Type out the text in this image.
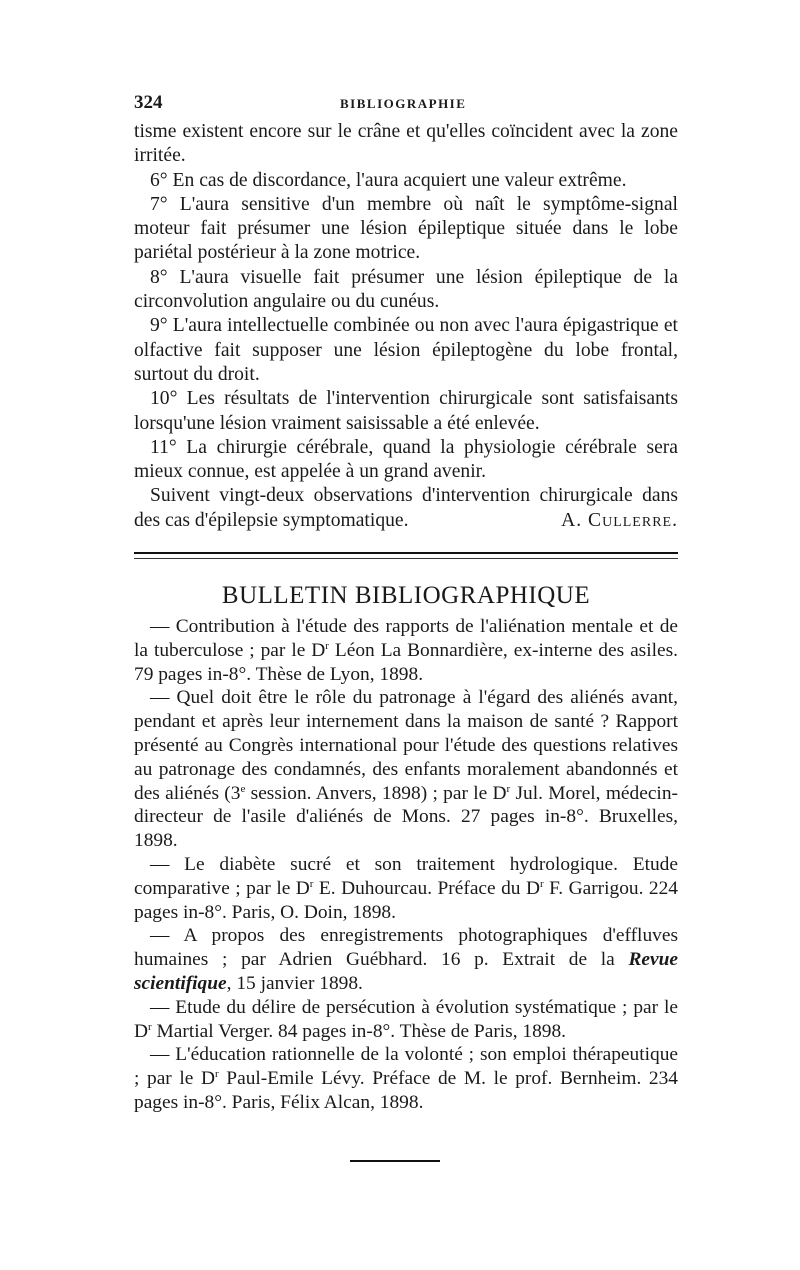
324	BIBLIOGRAPHIE

tisme existent encore sur le crâne et qu'elles coïncident avec la zone irritée.

6° En cas de discordance, l'aura acquiert une valeur extrême.

7° L'aura sensitive d'un membre où naît le symptôme-signal moteur fait présumer une lésion épileptique située dans le lobe pariétal postérieur à la zone motrice.

8° L'aura visuelle fait présumer une lésion épileptique de la circonvolution angulaire ou du cunéus.

9° L'aura intellectuelle combinée ou non avec l'aura épigastrique et olfactive fait supposer une lésion épileptogène du lobe frontal, surtout du droit.

10° Les résultats de l'intervention chirurgicale sont satisfaisants lorsqu'une lésion vraiment saisissable a été enlevée.

11° La chirurgie cérébrale, quand la physiologie cérébrale sera mieux connue, est appelée à un grand avenir.

Suivent vingt-deux observations d'intervention chirurgicale dans des cas d'épilepsie symptomatique.	A. Cullerre.

BULLETIN BIBLIOGRAPHIQUE

— Contribution à l'étude des rapports de l'aliénation mentale et de la tuberculose ; par le $D^r$ Léon La Bonnardière, ex-interne des asiles. 79 pages in-8°. Thèse de Lyon, 1898.

— Quel doit être le rôle du patronage à l'égard des aliénés avant, pendant et après leur internement dans la maison de santé ? Rapport présenté au Congrès international pour l'étude des questions relatives au patronage des condamnés, des enfants moralement abandonnés et des aliénés (3e session. Anvers, 1898) ; par le $D^r$ Jul. Morel, médecin-directeur de l'asile d'aliénés de Mons. 27 pages in-8°. Bruxelles, 1898.

— Le diabète sucré et son traitement hydrologique. Etude comparative ; par le $D^r$ E. Duhourcau. Préface du $D^r$ F. Garrigou. 224 pages in-8°. Paris, O. Doin, 1898.

— A propos des enregistrements photographiques d'effluves humaines ; par Adrien Guébhard. 16 p. Extrait de la Revue scientifique, 15 janvier 1898.

— Etude du délire de persécution à évolution systématique ; par le $D^r$ Martial Verger. 84 pages in-8°. Thèse de Paris, 1898.

— L'éducation rationnelle de la volonté ; son emploi thérapeutique ; par le $D^r$ Paul-Emile Lévy. Préface de M. le prof. Bernheim. 234 pages in-8°. Paris, Félix Alcan, 1898.
